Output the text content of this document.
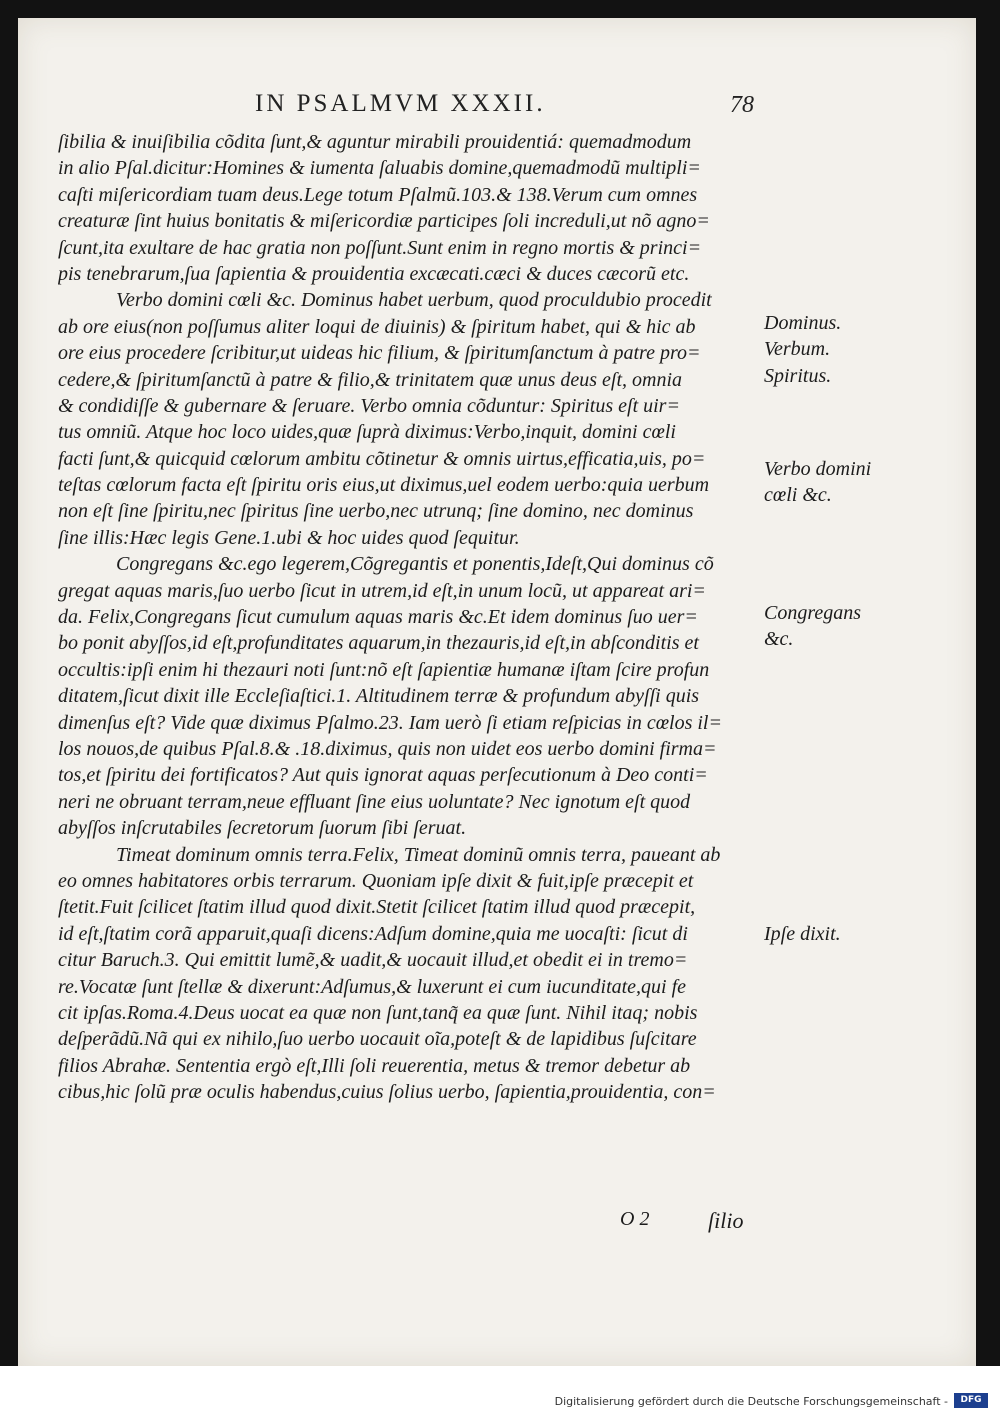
IN PSALMVM XXXII.	78
ſibilia & inuiſibilia cõdita ſunt,& aguntur mirabili prouidentiá: quemadmodum
in alio Pſal.dicitur:Homines & iumenta ſaluabis domine,quemadmodũ multipli=
caſti miſericordiam tuam deus.Lege totum Pſalmũ.103.& 138.Verum cum omnes
creaturæ ſint huius bonitatis & miſericordiæ participes ſoli increduli,ut nõ agno=
ſcunt,ita exultare de hac gratia non poſſunt.Sunt enim in regno mortis & princi=
pis tenebrarum,ſua ſapientia & prouidentia excæcati.cæci & duces cæcorũ etc.
Verbo domini cœli &c. Dominus habet uerbum, quod proculdubio procedit
ab ore eius(non poſſumus aliter loqui de diuinis) & ſpiritum habet, qui & hic ab
ore eius procedere ſcribitur,ut uideas hic filium, & ſpiritumſanctum à patre pro=
cedere,& ſpiritumſanctũ à patre & filio,& trinitatem quæ unus deus eſt, omnia
& condidiſſe & gubernare & ſeruare. Verbo omnia cõduntur: Spiritus eſt uir=
tus omniũ. Atque hoc loco uides,quæ ſuprà diximus:Verbo,inquit, domini cœli
facti ſunt,& quicquid cœlorum ambitu cõtinetur & omnis uirtus,efficatia,uis, po=
teſtas cœlorum facta eſt ſpiritu oris eius,ut diximus,uel eodem uerbo:quia uerbum
non eſt ſine ſpiritu,nec ſpiritus ſine uerbo,nec utrunq; ſine domino, nec dominus
ſine illis:Hæc legis Gene.1.ubi & hoc uides quod ſequitur.
Congregans &c.ego legerem,Cõgregantis et ponentis,Ideſt,Qui dominus cõ
gregat aquas maris,ſuo uerbo ſicut in utrem,id eſt,in unum locũ, ut appareat ari=
da. Felix,Congregans ſicut cumulum aquas maris &c.Et idem dominus ſuo uer=
bo ponit abyſſos,id eſt,profunditates aquarum,in thezauris,id eſt,in abſconditis et
occultis:ipſi enim hi thezauri noti ſunt:nõ eſt ſapientiæ humanæ iſtam ſcire profun
ditatem,ſicut dixit ille Eccleſiaſtici.1. Altitudinem terræ & profundum abyſſi quis
dimenſus eſt? Vide quæ diximus Pſalmo.23. Iam uerò ſi etiam reſpicias in cœlos il=
los nouos,de quibus Pſal.8.& .18.diximus, quis non uidet eos uerbo domini firma=
tos,et ſpiritu dei fortificatos? Aut quis ignorat aquas perſecutionum à Deo conti=
neri ne obruant terram,neue effluant ſine eius uoluntate? Nec ignotum eſt quod
abyſſos inſcrutabiles ſecretorum ſuorum ſibi ſeruat.
Timeat dominum omnis terra.Felix, Timeat dominũ omnis terra, paueant ab
eo omnes habitatores orbis terrarum. Quoniam ipſe dixit & fuit,ipſe præcepit et
ſtetit.Fuit ſcilicet ſtatim illud quod dixit.Stetit ſcilicet ſtatim illud quod præcepit,
id eſt,ſtatim corã apparuit,quaſi dicens:Adſum domine,quia me uocaſti: ſicut di
citur Baruch.3. Qui emittit lumẽ,& uadit,& uocauit illud,et obedit ei in tremo=
re.Vocatæ ſunt ſtellæ & dixerunt:Adſumus,& luxerunt ei cum iucunditate,qui fe
cit ipſas.Roma.4.Deus uocat ea quæ non ſunt,tanq̃ ea quæ ſunt. Nihil itaq; nobis
deſperãdũ.Nã qui ex nihilo,ſuo uerbo uocauit oĩa,poteſt & de lapidibus ſuſcitare
filios Abrahæ. Sententia ergò eſt,Illi ſoli reuerentia, metus & tremor debetur ab
cibus,hic ſolũ præ oculis habendus,cuius ſolius uerbo, ſapientia,prouidentia, con=
Dominus.
Verbum.
Spiritus.
Verbo domini
cœli &c.
Congregans
&c.
Ipſe dixit.
O 2	ſilio
Digitalisierung gefördert durch die Deutsche Forschungsgemeinschaft -	DFG
